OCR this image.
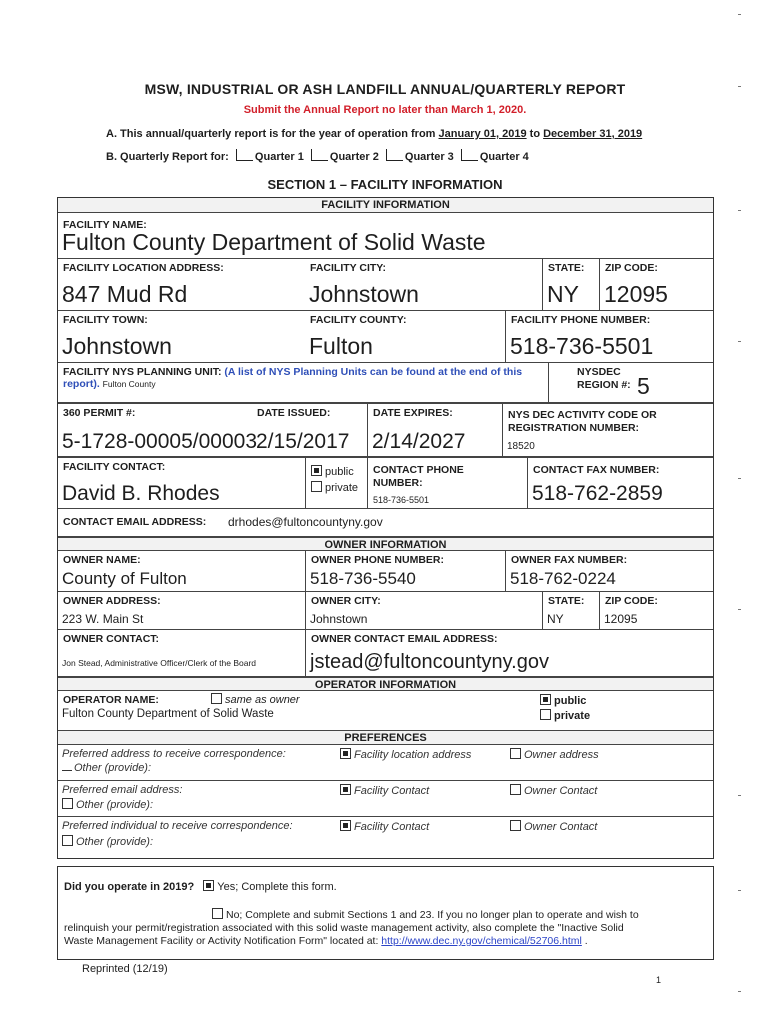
MSW, INDUSTRIAL OR ASH LANDFILL ANNUAL/QUARTERLY REPORT
Submit the Annual Report no later than March 1, 2020.
A. This annual/quarterly report is for the year of operation from January 01, 2019 to December 31, 2019
B. Quarterly Report for: Quarter 1 Quarter 2 Quarter 3 Quarter 4
SECTION 1 – FACILITY INFORMATION
FACILITY INFORMATION
FACILITY NAME:
Fulton County Department of Solid Waste
FACILITY LOCATION ADDRESS:
847 Mud Rd
FACILITY CITY:
Johnstown
STATE:
NY
ZIP CODE:
12095
FACILITY TOWN:
Johnstown
FACILITY COUNTY:
Fulton
FACILITY PHONE NUMBER:
518-736-5501
FACILITY NYS PLANNING UNIT: (A list of NYS Planning Units can be found at the end of this report). Fulton County
NYSDEC REGION #: 5
360 PERMIT #:
5-1728-00005/00003
DATE ISSUED:
2/15/2017
DATE EXPIRES:
2/14/2027
NYS DEC ACTIVITY CODE OR REGISTRATION NUMBER:
18520
FACILITY CONTACT:
David B. Rhodes
public
private
CONTACT PHONE NUMBER:
518-736-5501
CONTACT FAX NUMBER:
518-762-2859
CONTACT EMAIL ADDRESS: drhodes@fultoncountyny.gov
OWNER INFORMATION
OWNER NAME:
County of Fulton
OWNER PHONE NUMBER:
518-736-5540
OWNER FAX NUMBER:
518-762-0224
OWNER ADDRESS:
223 W. Main St
OWNER CITY:
Johnstown
STATE:
NY
ZIP CODE:
12095
OWNER CONTACT:
Jon Stead, Administrative Officer/Clerk of the Board
OWNER CONTACT EMAIL ADDRESS:
jstead@fultoncountyny.gov
OPERATOR INFORMATION
OPERATOR NAME:	same as owner
Fulton County Department of Solid Waste
public
private
PREFERENCES
Preferred address to receive correspondence:
Other (provide):
Facility location address	Owner address
Preferred email address:
Other (provide):
Facility Contact	Owner Contact
Preferred individual to receive correspondence:
Other (provide):
Facility Contact	Owner Contact
Did you operate in 2019? Yes; Complete this form.
No; Complete and submit Sections 1 and 23. If you no longer plan to operate and wish to
relinquish your permit/registration associated with this solid waste management activity, also complete the "Inactive Solid
Waste Management Facility or Activity Notification Form" located at: http://www.dec.ny.gov/chemical/52706.html .
Reprinted (12/19)
1
